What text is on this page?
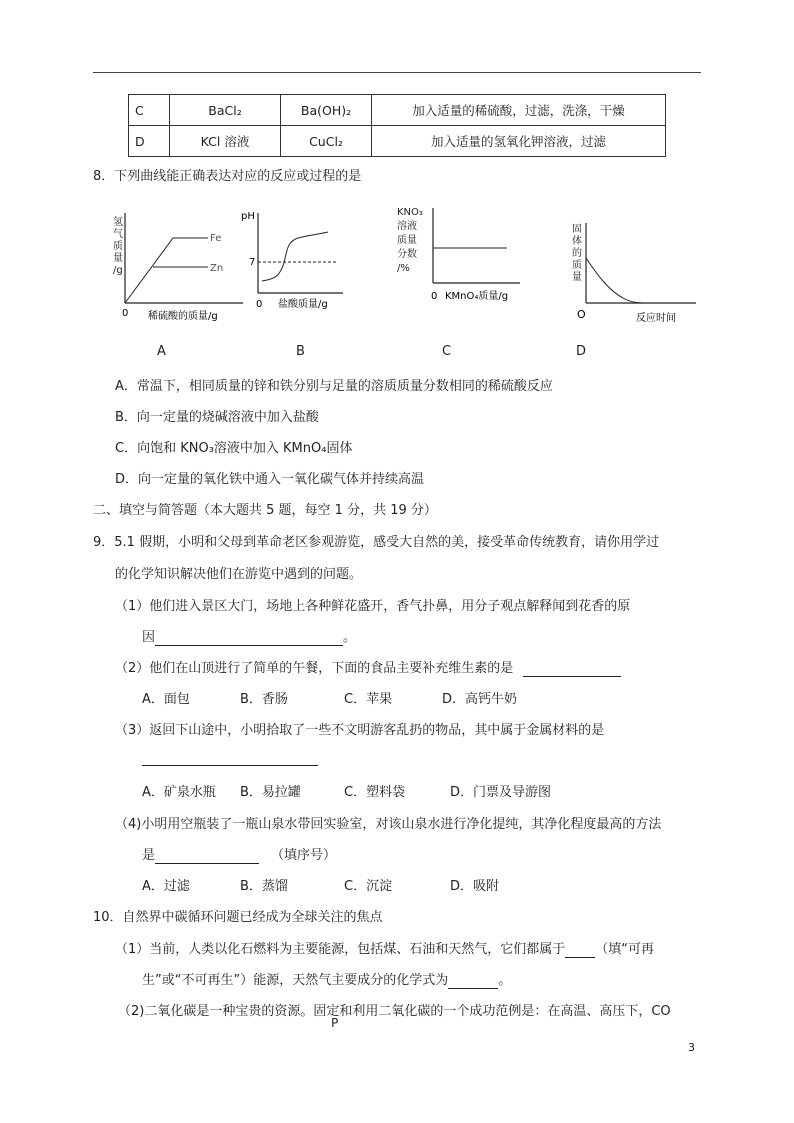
C	BaCl₂	Ba(OH)₂	加入适量的稀硫酸，过滤，洗涤，干燥
D	KCl 溶液	CuCl₂	加入适量的氢氧化钾溶液，过滤
8．下列曲线能正确表达对应的反应或过程的是
氢
气
质
量
/g
Fe
Zn
0 稀硫酸的质量/g
A
pH
7
0 盐酸质量/g
B
KNO₃
溶液
质量
分数
/%
0 KMnO₄质量/g
C
固
体
的
质
量
O	反应时间
D
A．常温下，相同质量的锌和铁分别与足量的溶质质量分数相同的稀硫酸反应
B．向一定量的烧碱溶液中加入盐酸
C．向饱和 KNO₃溶液中加入 KMnO₄固体
D．向一定量的氧化铁中通入一氧化碳气体并持续高温
二、填空与简答题（本大题共 5 题，每空 1 分，共 19 分）
9．5.1 假期，小明和父母到革命老区参观游览，感受大自然的美，接受革命传统教育，请你用学过
的化学知识解决他们在游览中遇到的问题。
（1）他们进入景区大门，场地上各种鲜花盛开，香气扑鼻，用分子观点解释闻到花香的原
因	。
（2）他们在山顶进行了简单的午餐，下面的食品主要补充维生素的是
A．面包	B．香肠	C．苹果	D．高钙牛奶
（3）返回下山途中，小明拾取了一些不文明游客乱扔的物品，其中属于金属材料的是

A．矿泉水瓶 B．易拉罐	C．塑料袋	D．门票及导游图
（4)小明用空瓶装了一瓶山泉水带回实验室，对该山泉水进行净化提纯，其净化程度最高的方法
是	（填序号）
A．过滤	B．蒸馏	C．沉淀	D．吸附
10．自然界中碳循环问题已经成为全球关注的焦点
（1）当前，人类以化石燃料为主要能源，包括煤、石油和天然气，它们都属于 （填“可再
生”或“不可再生”）能源，天然气主要成分的化学式为	。
（2)二氧化碳是一种宝贵的资源。固定和利用二氧化碳的一个成功范例是：在高温、高压下，CO
P
3
